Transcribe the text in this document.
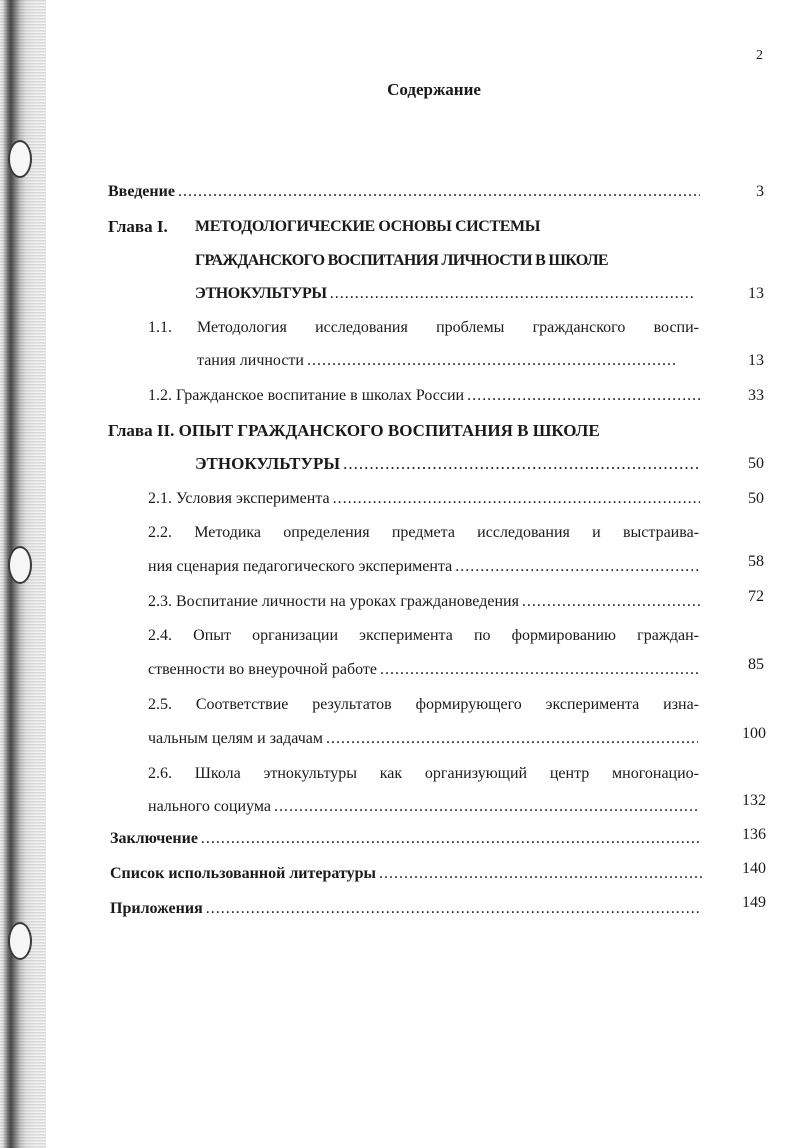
2
Содержание
Введение .....	3
Глава I. МЕТОДОЛОГИЧЕСКИЕ ОСНОВЫ СИСТЕМЫ
ГРАЖДАНСКОГО ВОСПИТАНИЯ ЛИЧНОСТИ В ШКОЛЕ
ЭТНОКУЛЬТУРЫ .....	13
1.1. Методология исследования проблемы гражданского воспи-
тания личности .....	13
1.2. Гражданское воспитание в школах России .....	33
Глава II. ОПЫТ ГРАЖДАНСКОГО ВОСПИТАНИЯ В ШКОЛЕ
ЭТНОКУЛЬТУРЫ .....	50
2.1. Условия эксперимента .....	50
2.2. Методика определения предмета исследования и выстраива-
ния сценария педагогического эксперимента .....	58
2.3. Воспитание личности на уроках граждановедения .....	72
2.4. Опыт организации эксперимента по формированию граждан-
ственности во внеурочной работе .....	85
2.5. Соответствие результатов формирующего эксперимента изна-
чальным целям и задачам .....	100
2.6. Школа этнокультуры как организующий центр многонацио-
нального социума .....	132
Заключение .....	136
Список использованной литературы .....	140
Приложения .....	149
